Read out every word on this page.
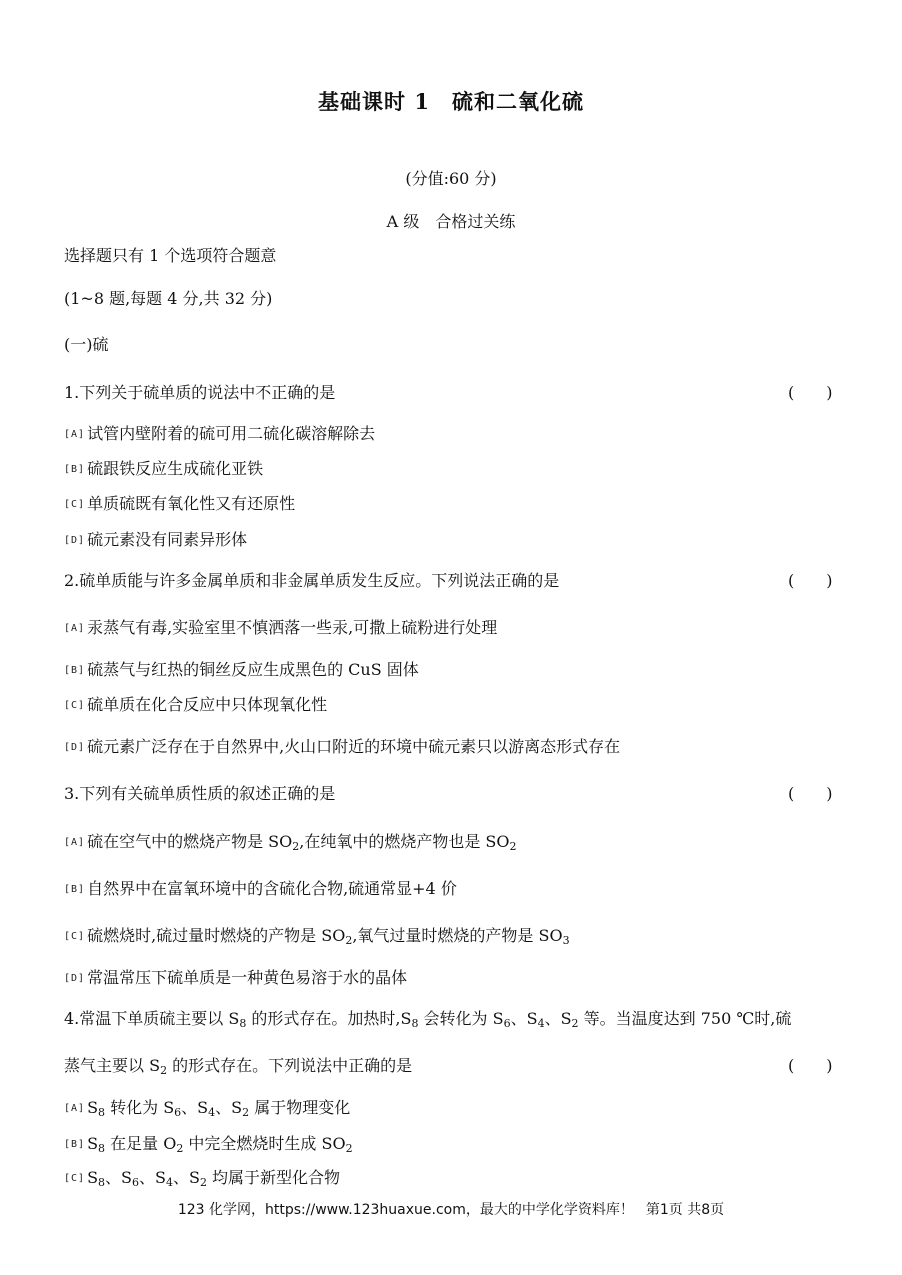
基础课时 1　硫和二氧化硫
(分值:60 分)
A 级　合格过关练
选择题只有 1 个选项符合题意
(1~8 题,每题 4 分,共 32 分)
(一)硫
1.下列关于硫单质的说法中不正确的是	(　　)
[A] 试管内壁附着的硫可用二硫化碳溶解除去
[B] 硫跟铁反应生成硫化亚铁
[C] 单质硫既有氧化性又有还原性
[D] 硫元素没有同素异形体
2.硫单质能与许多金属单质和非金属单质发生反应。下列说法正确的是	(　　)
[A] 汞蒸气有毒,实验室里不慎洒落一些汞,可撒上硫粉进行处理
[B] 硫蒸气与红热的铜丝反应生成黑色的 CuS 固体
[C] 硫单质在化合反应中只体现氧化性
[D] 硫元素广泛存在于自然界中,火山口附近的环境中硫元素只以游离态形式存在
3.下列有关硫单质性质的叙述正确的是	(　　)
[A] 硫在空气中的燃烧产物是 $SO_2$,在纯氧中的燃烧产物也是 $SO_2$
[B] 自然界中在富氧环境中的含硫化合物,硫通常显+4 价
[C] 硫燃烧时,硫过量时燃烧的产物是 $SO_2$,氧气过量时燃烧的产物是 $SO_3$
[D] 常温常压下硫单质是一种黄色易溶于水的晶体
4.常温下单质硫主要以 $S_8$ 的形式存在。加热时$,S_8$ 会转化为 $S_6$、$S_4$、$S_2$ 等。当温度达到 750 ℃时,硫
蒸气主要以 $S_2$ 的形式存在。下列说法中正确的是	(　　)
[A] $S_8$ 转化为 $S_6$、$S_4$、$S_2$ 属于物理变化
[B] $S_8$ 在足量 $O_2$ 中完全燃烧时生成 $SO_2$
[C] $S_8$、$S_6$、$S_4$、$S_2$ 均属于新型化合物
123 化学网，https://www.123huaxue.com，最大的中学化学资料库！ 第1页 共8页
